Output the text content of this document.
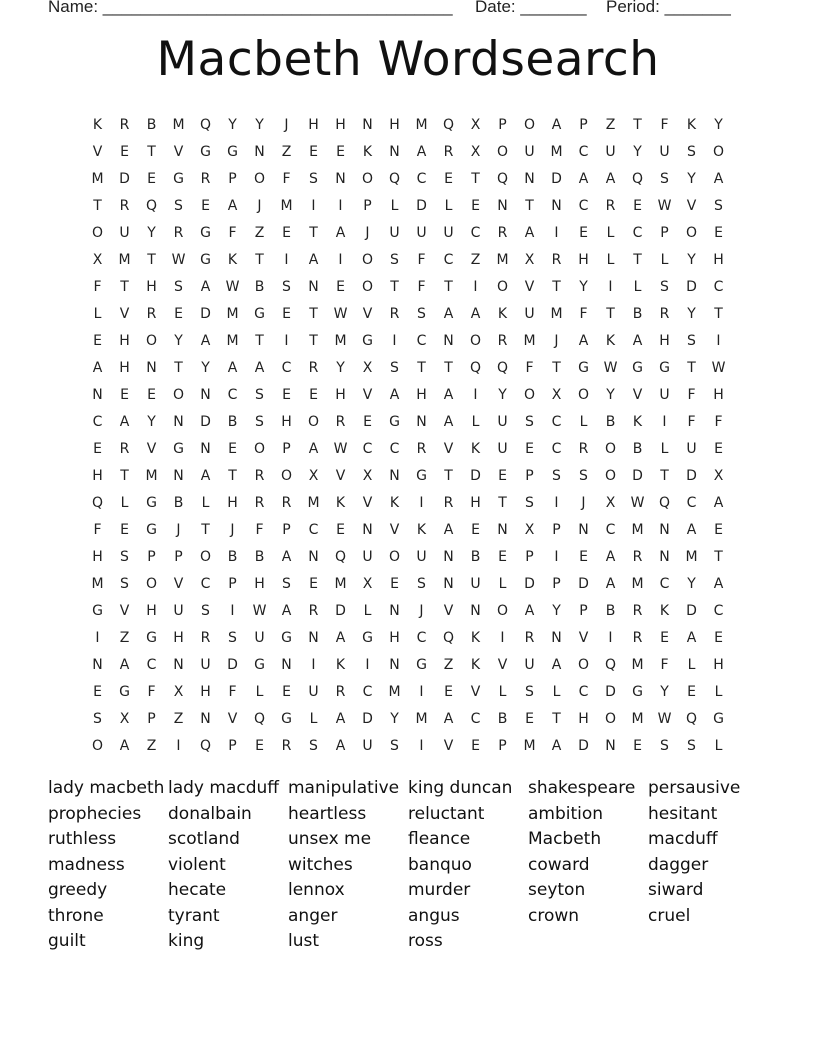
Name: _____________________________________ Date: _______ Period: _______
Macbeth Wordsearch
K	R	B	M	Q	Y	Y	J	H	H	N	H	M	Q	X	P	O	A	P	Z	T	F	K	Y
V	E	T	V	G	G	N	Z	E	E	K	N	A	R	X	O	U	M	C	U	Y	U	S	O
M	D	E	G	R	P	O	F	S	N	O	Q	C	E	T	Q	N	D	A	A	Q	S	Y	A
T	R	Q	S	E	A	J	M	I	I	P	L	D	L	E	N	T	N	C	R	E	W	V	S
O	U	Y	R	G	F	Z	E	T	A	J	U	U	U	C	R	A	I	E	L	C	P	O	E
X	M	T	W	G	K	T	I	A	I	O	S	F	C	Z	M	X	R	H	L	T	L	Y	H
F	T	H	S	A	W	B	S	N	E	O	T	F	T	I	O	V	T	Y	I	L	S	D	C
L	V	R	E	D	M	G	E	T	W	V	R	S	A	A	K	U	M	F	T	B	R	Y	T
E	H	O	Y	A	M	T	I	T	M	G	I	C	N	O	R	M	J	A	K	A	H	S	I
A	H	N	T	Y	A	A	C	R	Y	X	S	T	T	Q	Q	F	T	G	W	G	G	T	W
N	E	E	O	N	C	S	E	E	H	V	A	H	A	I	Y	O	X	O	Y	V	U	F	H
C	A	Y	N	D	B	S	H	O	R	E	G	N	A	L	U	S	C	L	B	K	I	F	F
E	R	V	G	N	E	O	P	A	W	C	C	R	V	K	U	E	C	R	O	B	L	U	E
H	T	M	N	A	T	R	O	X	V	X	N	G	T	D	E	P	S	S	O	D	T	D	X
Q	L	G	B	L	H	R	R	M	K	V	K	I	R	H	T	S	I	J	X	W	Q	C	A
F	E	G	J	T	J	F	P	C	E	N	V	K	A	E	N	X	P	N	C	M	N	A	E
H	S	P	P	O	B	B	A	N	Q	U	O	U	N	B	E	P	I	E	A	R	N	M	T
M	S	O	V	C	P	H	S	E	M	X	E	S	N	U	L	D	P	D	A	M	C	Y	A
G	V	H	U	S	I	W	A	R	D	L	N	J	V	N	O	A	Y	P	B	R	K	D	C
I	Z	G	H	R	S	U	G	N	A	G	H	C	Q	K	I	R	N	V	I	R	E	A	E
N	A	C	N	U	D	G	N	I	K	I	N	G	Z	K	V	U	A	O	Q	M	F	L	H
E	G	F	X	H	F	L	E	U	R	C	M	I	E	V	L	S	L	C	D	G	Y	E	L
S	X	P	Z	N	V	Q	G	L	A	D	Y	M	A	C	B	E	T	H	O	M	W	Q	G
O	A	Z	I	Q	P	E	R	S	A	U	S	I	V	E	P	M	A	D	N	E	S	S	L
lady macbeth
prophecies
ruthless
madness
greedy
throne
guilt
lady macduff
donalbain
scotland
violent
hecate
tyrant
king
manipulative
heartless
unsex me
witches
lennox
anger
lust
king duncan
reluctant
fleance
banquo
murder
angus
ross
shakespeare
ambition
Macbeth
coward
seyton
crown
persausive
hesitant
macduff
dagger
siward
cruel
